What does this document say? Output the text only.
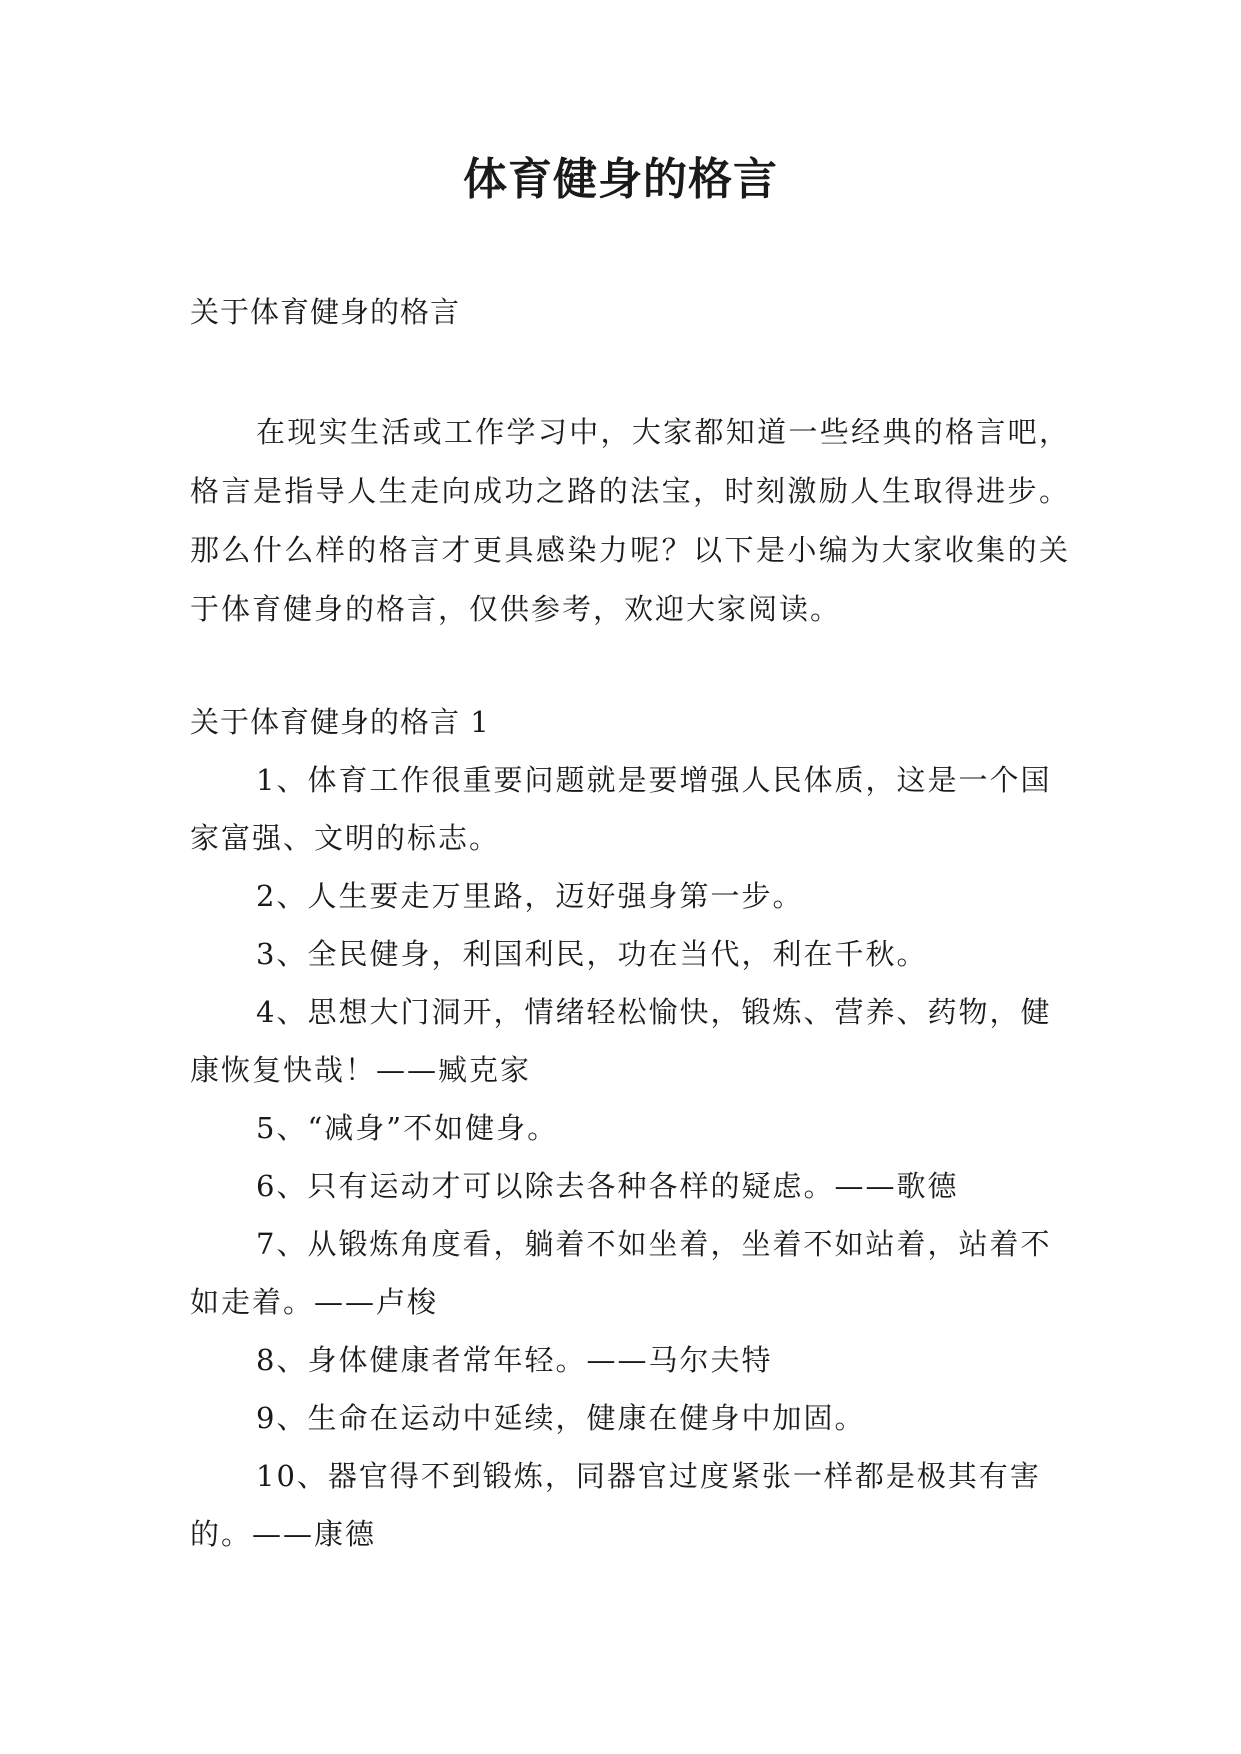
体育健身的格言
关于体育健身的格言
在现实生活或工作学习中，大家都知道一些经典的格言吧，格言是指导人生走向成功之路的法宝，时刻激励人生取得进步。那么什么样的格言才更具感染力呢？以下是小编为大家收集的关于体育健身的格言，仅供参考，欢迎大家阅读。
关于体育健身的格言 1
1、体育工作很重要问题就是要增强人民体质，这是一个国家富强、文明的标志。
2、人生要走万里路，迈好强身第一步。
3、全民健身，利国利民，功在当代，利在千秋。
4、思想大门洞开，情绪轻松愉快，锻炼、营养、药物，健康恢复快哉！——臧克家
5、“减身”不如健身。
6、只有运动才可以除去各种各样的疑虑。——歌德
7、从锻炼角度看，躺着不如坐着，坐着不如站着，站着不如走着。——卢梭
8、身体健康者常年轻。——马尔夫特
9、生命在运动中延续，健康在健身中加固。
10、器官得不到锻炼，同器官过度紧张一样都是极其有害的。——康德
